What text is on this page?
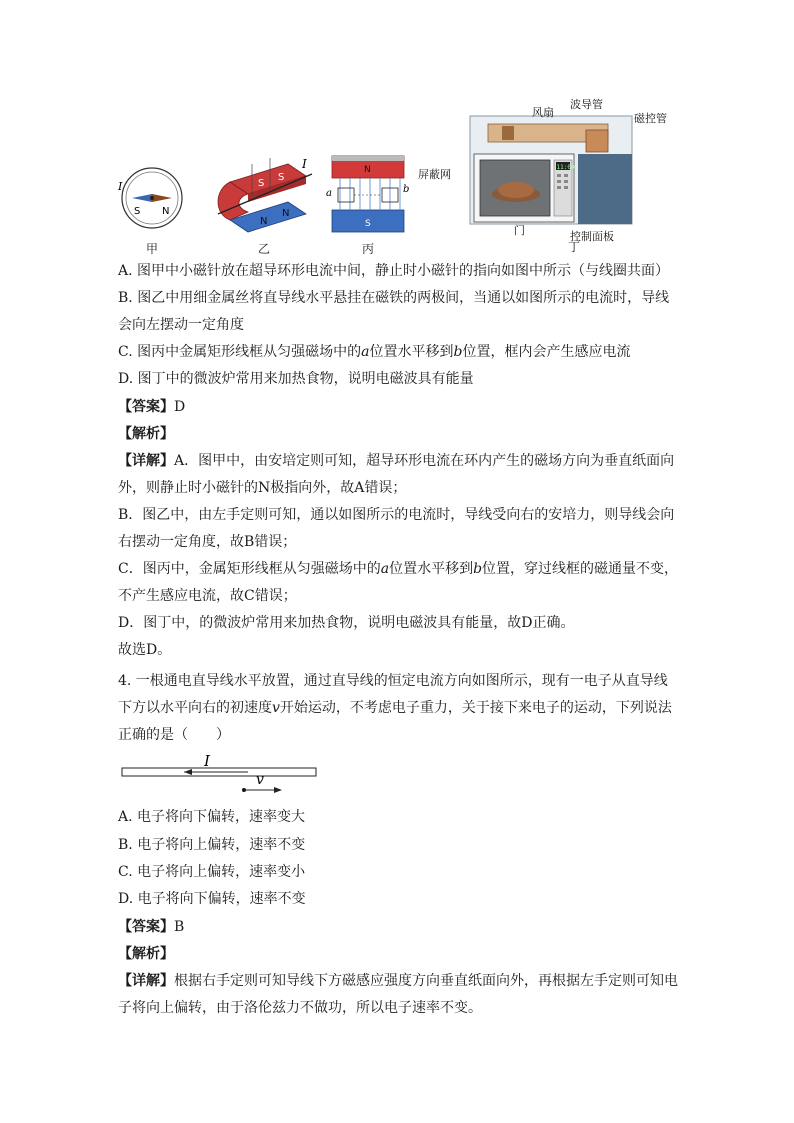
I
S N
甲
S
S
N
N
I
乙
N
S
a	b
丙
11:00
风扇
波导管
磁控管
屏蔽网
门	控制面板
丁
A. 图甲中小磁针放在超导环形电流中间，静止时小磁针的指向如图中所示（与线圈共面）
B. 图乙中用细金属丝将直导线水平悬挂在磁铁的两极间，当通以如图所示的电流时，导线
会向左摆动一定角度
C. 图丙中金属矩形线框从匀强磁场中的a位置水平移到b位置，框内会产生感应电流
D. 图丁中的微波炉常用来加热食物，说明电磁波具有能量
【答案】D
【解析】
【详解】A．图甲中，由安培定则可知，超导环形电流在环内产生的磁场方向为垂直纸面向
外，则静止时小磁针的N极指向外，故A错误；
B．图乙中，由左手定则可知，通以如图所示的电流时，导线受向右的安培力，则导线会向
右摆动一定角度，故B错误；
C．图丙中，金属矩形线框从匀强磁场中的a位置水平移到b位置，穿过线框的磁通量不变，
不产生感应电流，故C错误；
D．图丁中，的微波炉常用来加热食物，说明电磁波具有能量，故D正确。
故选D。
4. 一根通电直导线水平放置，通过直导线的恒定电流方向如图所示，现有一电子从直导线
下方以水平向右的初速度v开始运动，不考虑电子重力，关于接下来电子的运动，下列说法
正确的是（　　）
I
v
A. 电子将向下偏转，速率变大
B. 电子将向上偏转，速率不变
C. 电子将向上偏转，速率变小
D. 电子将向下偏转，速率不变
【答案】B
【解析】
【详解】根据右手定则可知导线下方磁感应强度方向垂直纸面向外，再根据左手定则可知电
子将向上偏转，由于洛伦兹力不做功，所以电子速率不变。
